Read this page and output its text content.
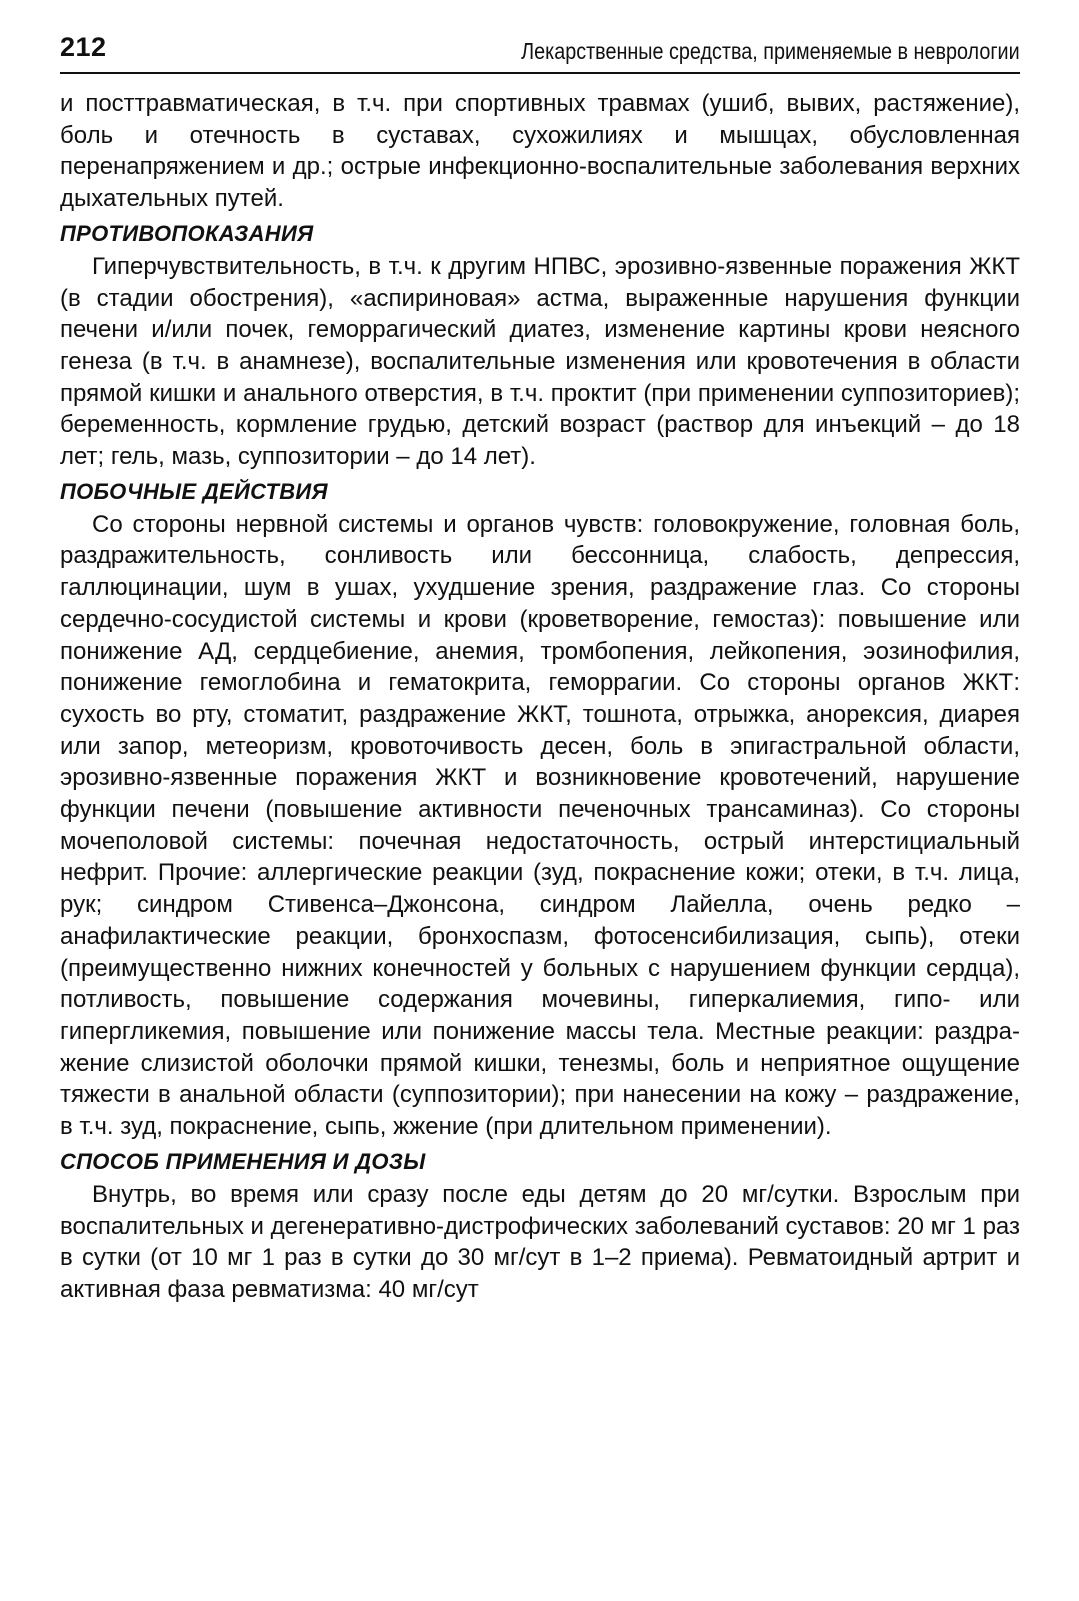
212	Лекарственные средства, применяемые в неврологии

и посттравматическая, в т.ч. при спортивных травмах (ушиб, вывих, растяжение), боль и отечность в суставах, сухожилиях и мышцах, обусловленная перенапряжением и др.; острые инфекционно-воспалительные заболевания верхних дыхательных путей.

ПРОТИВОПОКАЗАНИЯ

Гиперчувствительность, в т.ч. к другим НПВС, эрозивно-язвенные поражения ЖКТ (в стадии обострения), «аспириновая» астма, выраженные нарушения функции печени и/или почек, геморрагический диатез, изменение картины крови неясного генеза (в т.ч. в анамнезе), воспалительные изменения или кровотечения в области прямой кишки и анального отверстия, в т.ч. проктит (при применении суппозиториев); беременность, кормление грудью, детский возраст (раствор для инъекций – до 18 лет; гель, мазь, суппозитории – до 14 лет).

ПОБОЧНЫЕ ДЕЙСТВИЯ

Со стороны нервной системы и органов чувств: головокружение, головная боль, раздражительность, сонливость или бессонница, слабость, депрессия, галлюцинации, шум в ушах, ухудшение зрения, раздражение глаз. Со стороны сердечно-сосудистой системы и крови (кроветворение, гемостаз): повышение или понижение АД, сердцебиение, анемия, тромбопения, лейкопения, эозинофилия, понижение гемоглобина и гематокрита, геморрагии. Со стороны органов ЖКТ: сухость во рту, стоматит, раздражение ЖКТ, тошнота, отрыжка, анорексия, диарея или запор, метеоризм, кровоточивость десен, боль в эпигастральной области, эрозивно-язвенные поражения ЖКТ и возникновение кровотечений, нарушение функции печени (повышение активности печеночных трансаминаз). Со стороны мочеполовой системы: почечная недостаточность, острый интерстициальный нефрит. Прочие: аллергические реакции (зуд, покраснение кожи; отеки, в т.ч. лица, рук; синдром Стивенса–Джонсона, синдром Лайелла, очень редко – анафилактические реакции, бронхоспазм, фотосенсибилизация, сыпь), отеки (преимущественно нижних конечностей у больных с нарушением функции сердца), потливость, повышение содержания мочевины, гиперкалиемия, гипо- или гипергликемия, повышение или понижение массы тела. Местные реакции: раздражение слизистой оболочки прямой кишки, тенезмы, боль и неприятное ощущение тяжести в анальной области (суппозитории); при нанесении на кожу – раздражение, в т.ч. зуд, покраснение, сыпь, жжение (при длительном применении).

СПОСОБ ПРИМЕНЕНИЯ И ДОЗЫ

Внутрь, во время или сразу после еды детям до 20 мг/сутки. Взрослым при воспалительных и дегенеративно-дистрофических заболеваний суставов: 20 мг 1 раз в сутки (от 10 мг 1 раз в сутки до 30 мг/сут в 1–2 приема). Ревматоидный артрит и активная фаза ревматизма: 40 мг/сут
